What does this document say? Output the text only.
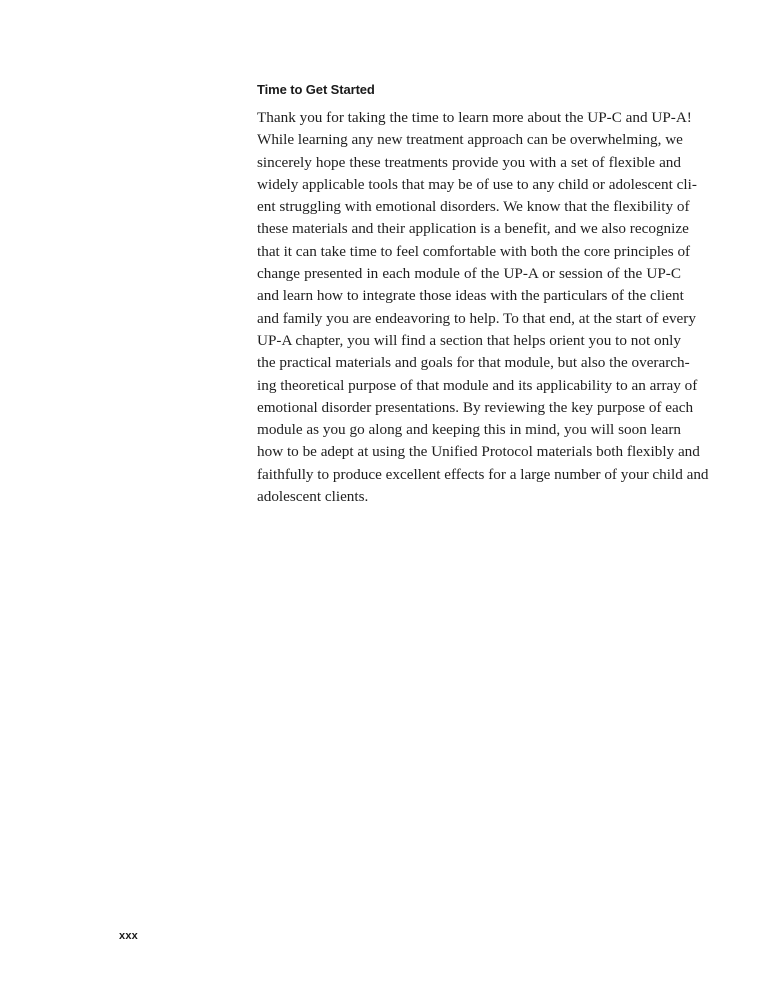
Time to Get Started

Thank you for taking the time to learn more about the UP-C and UP-A!
While learning any new treatment approach can be overwhelming, we
sincerely hope these treatments provide you with a set of flexible and
widely applicable tools that may be of use to any child or adolescent cli-
ent struggling with emotional disorders. We know that the flexibility of
these materials and their application is a benefit, and we also recognize
that it can take time to feel comfortable with both the core principles of
change presented in each module of the UP-A or session of the UP-C
and learn how to integrate those ideas with the particulars of the client
and family you are endeavoring to help. To that end, at the start of every
UP-A chapter, you will find a section that helps orient you to not only
the practical materials and goals for that module, but also the overarch-
ing theoretical purpose of that module and its applicability to an array of
emotional disorder presentations. By reviewing the key purpose of each
module as you go along and keeping this in mind, you will soon learn
how to be adept at using the Unified Protocol materials both flexibly and
faithfully to produce excellent effects for a large number of your child and
adolescent clients.

xxx
